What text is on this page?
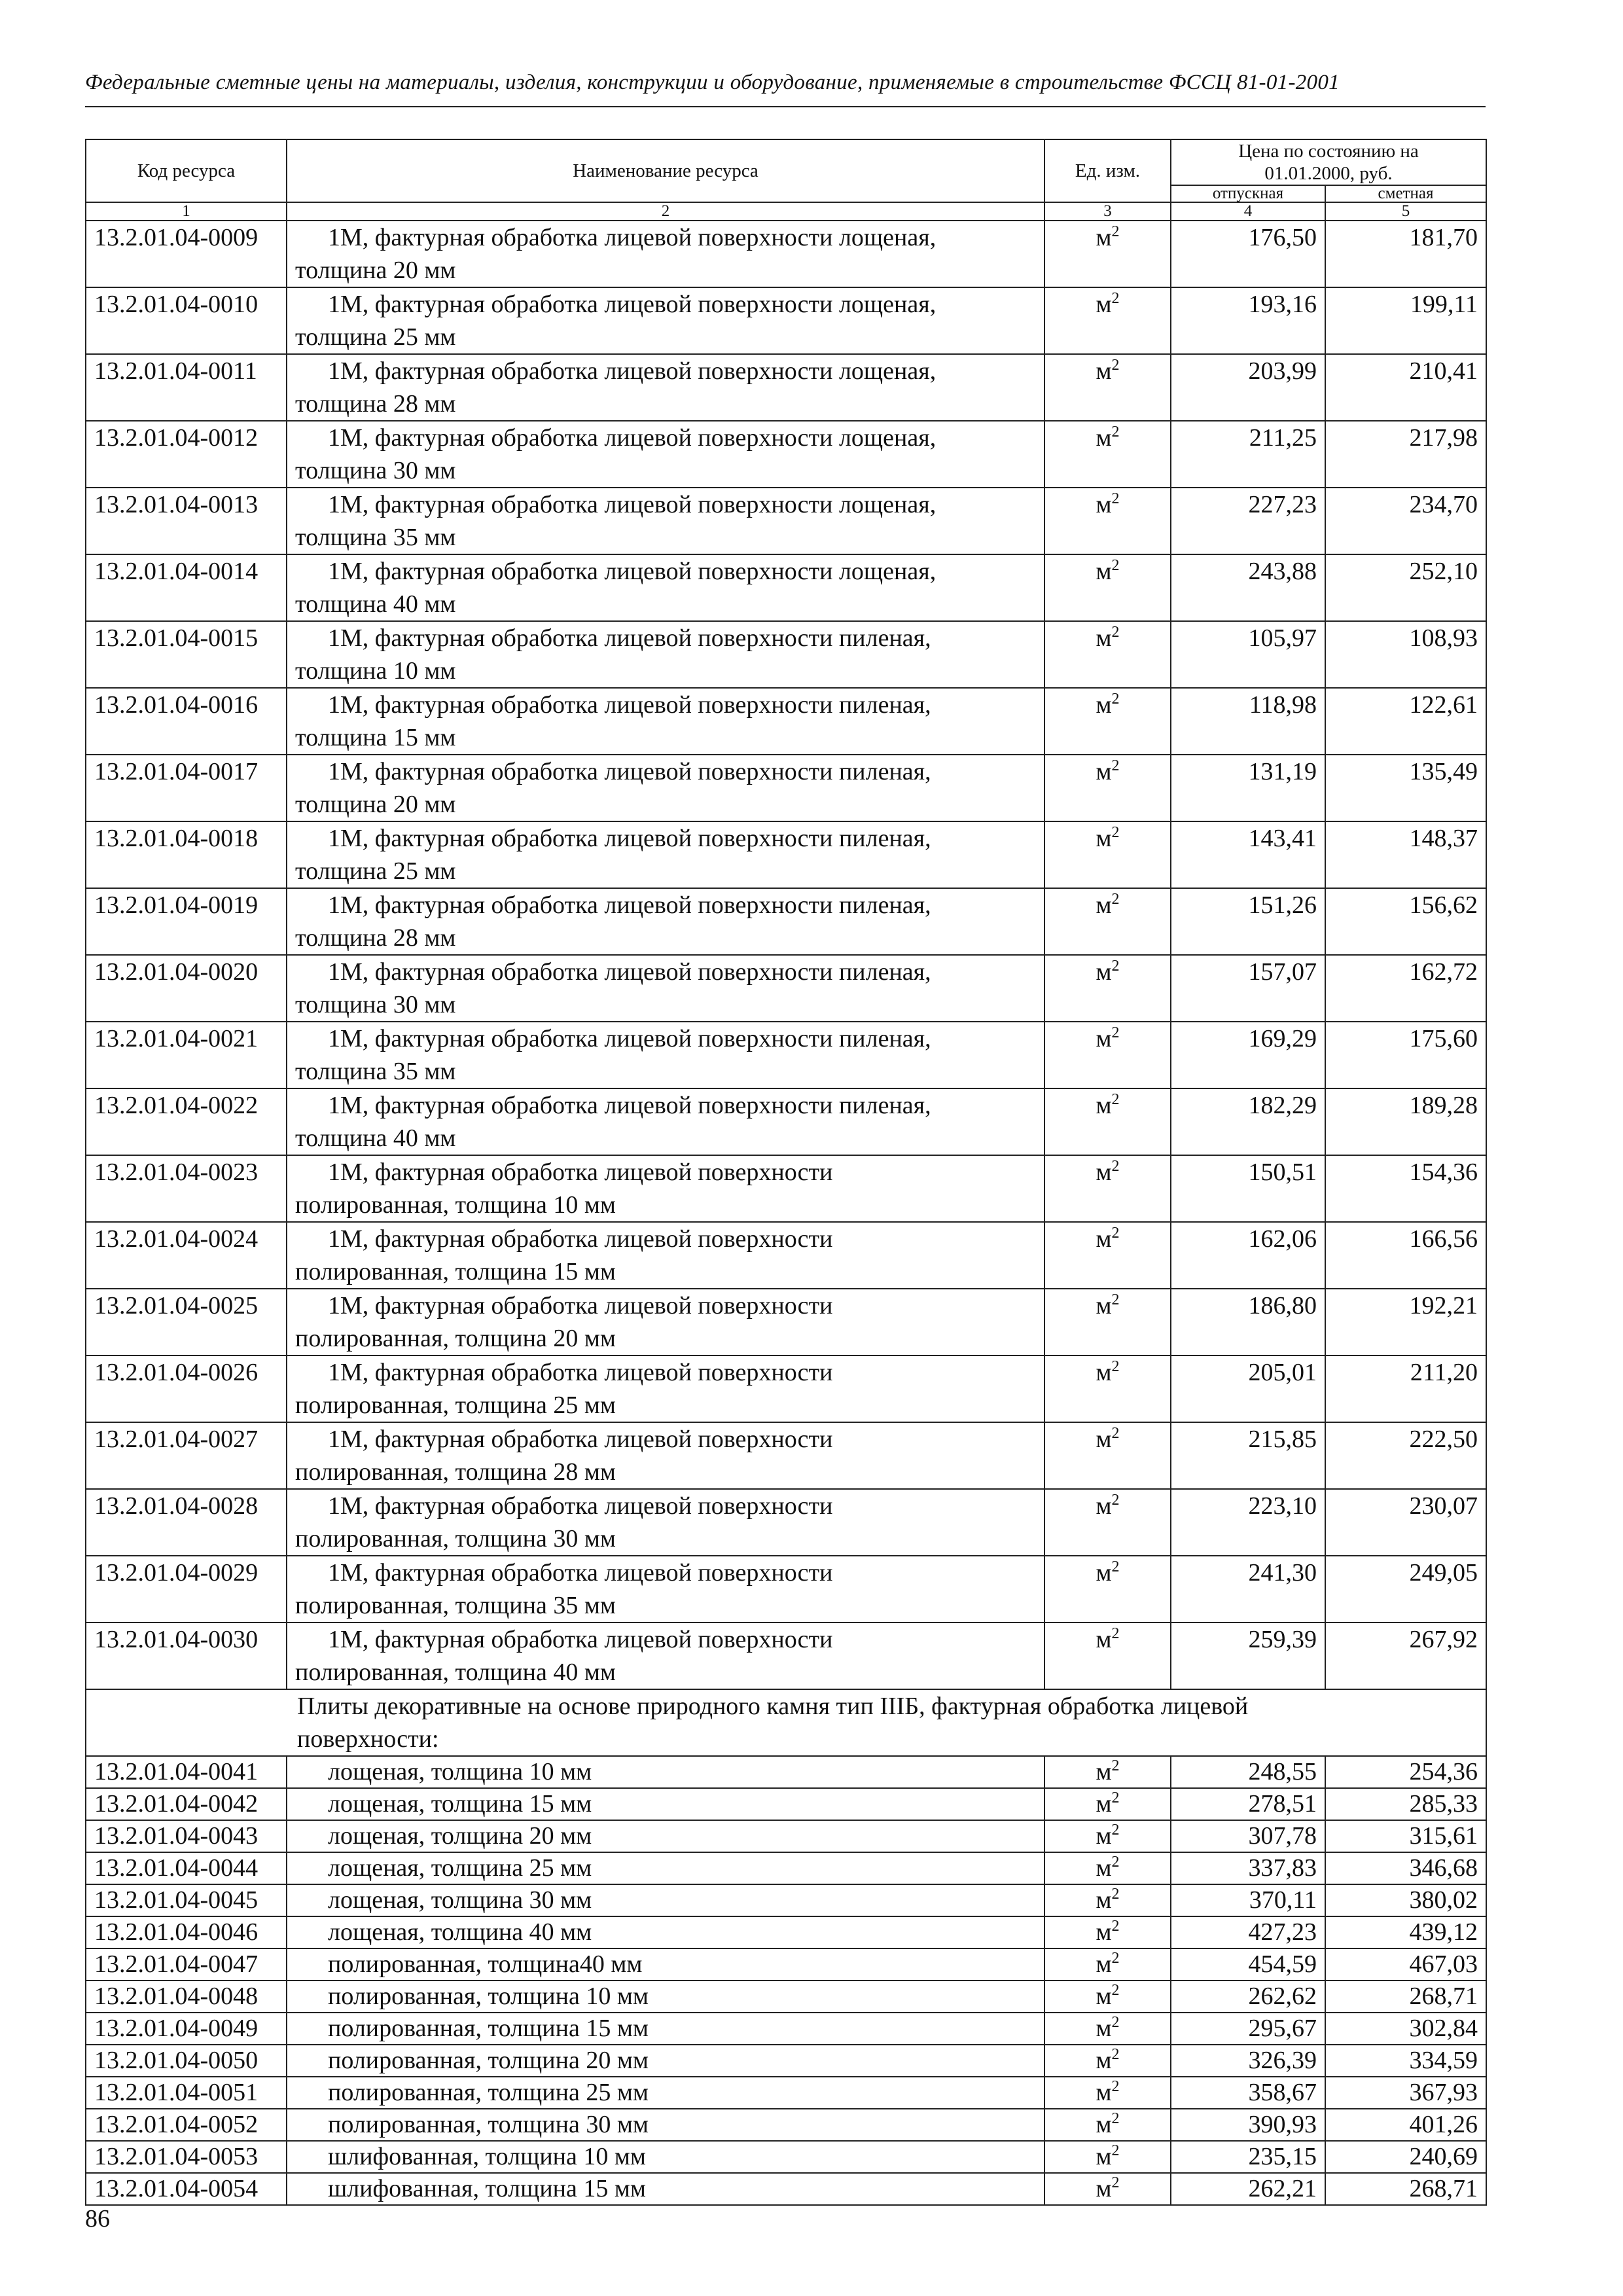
Федеральные сметные цены на материалы, изделия, конструкции и оборудование, применяемые в строительстве ФССЦ 81-01-2001
Код ресурса	Наименование ресурса	Ед. изм.	Цена по состоянию на 01.01.2000, руб.	
			отпускная	сметная
1	2	3	4	5
13.2.01.04-0009	1М, фактурная обработка лицевой поверхности лощеная,
толщина 20 мм	$м^2$	176,50	181,70
13.2.01.04-0010	1М, фактурная обработка лицевой поверхности лощеная,
толщина 25 мм	$м^2$	193,16	199,11
13.2.01.04-0011	1М, фактурная обработка лицевой поверхности лощеная,
толщина 28 мм	$м^2$	203,99	210,41
13.2.01.04-0012	1М, фактурная обработка лицевой поверхности лощеная,
толщина 30 мм	$м^2$	211,25	217,98
13.2.01.04-0013	1М, фактурная обработка лицевой поверхности лощеная,
толщина 35 мм	$м^2$	227,23	234,70
13.2.01.04-0014	1М, фактурная обработка лицевой поверхности лощеная,
толщина 40 мм	$м^2$	243,88	252,10
13.2.01.04-0015	1М, фактурная обработка лицевой поверхности пиленая,
толщина 10 мм	$м^2$	105,97	108,93
13.2.01.04-0016	1М, фактурная обработка лицевой поверхности пиленая,
толщина 15 мм	$м^2$	118,98	122,61
13.2.01.04-0017	1М, фактурная обработка лицевой поверхности пиленая,
толщина 20 мм	$м^2$	131,19	135,49
13.2.01.04-0018	1М, фактурная обработка лицевой поверхности пиленая,
толщина 25 мм	$м^2$	143,41	148,37
13.2.01.04-0019	1М, фактурная обработка лицевой поверхности пиленая,
толщина 28 мм	$м^2$	151,26	156,62
13.2.01.04-0020	1М, фактурная обработка лицевой поверхности пиленая,
толщина 30 мм	$м^2$	157,07	162,72
13.2.01.04-0021	1М, фактурная обработка лицевой поверхности пиленая,
толщина 35 мм	$м^2$	169,29	175,60
13.2.01.04-0022	1М, фактурная обработка лицевой поверхности пиленая,
толщина 40 мм	$м^2$	182,29	189,28
13.2.01.04-0023	1М, фактурная обработка лицевой поверхности
полированная, толщина 10 мм	$м^2$	150,51	154,36
13.2.01.04-0024	1М, фактурная обработка лицевой поверхности
полированная, толщина 15 мм	$м^2$	162,06	166,56
13.2.01.04-0025	1М, фактурная обработка лицевой поверхности
полированная, толщина 20 мм	$м^2$	186,80	192,21
13.2.01.04-0026	1М, фактурная обработка лицевой поверхности
полированная, толщина 25 мм	$м^2$	205,01	211,20
13.2.01.04-0027	1М, фактурная обработка лицевой поверхности
полированная, толщина 28 мм	$м^2$	215,85	222,50
13.2.01.04-0028	1М, фактурная обработка лицевой поверхности
полированная, толщина 30 мм	$м^2$	223,10	230,07
13.2.01.04-0029	1М, фактурная обработка лицевой поверхности
полированная, толщина 35 мм	$м^2$	241,30	249,05
13.2.01.04-0030	1М, фактурная обработка лицевой поверхности
полированная, толщина 40 мм	$м^2$	259,39	267,92

Плиты декоративные на основе природного камня тип IIIБ, фактурная обработка лицевой
поверхности:				

13.2.01.04-0041	лощеная, толщина 10 мм	$м^2$	248,55	254,36
13.2.01.04-0042	лощеная, толщина 15 мм	$м^2$	278,51	285,33
13.2.01.04-0043	лощеная, толщина 20 мм	$м^2$	307,78	315,61
13.2.01.04-0044	лощеная, толщина 25 мм	$м^2$	337,83	346,68
13.2.01.04-0045	лощеная, толщина 30 мм	$м^2$	370,11	380,02
13.2.01.04-0046	лощеная, толщина 40 мм	$м^2$	427,23	439,12
13.2.01.04-0047	полированная, толщина40 мм	$м^2$	454,59	467,03
13.2.01.04-0048	полированная, толщина 10 мм	$м^2$	262,62	268,71
13.2.01.04-0049	полированная, толщина 15 мм	$м^2$	295,67	302,84
13.2.01.04-0050	полированная, толщина 20 мм	$м^2$	326,39	334,59
13.2.01.04-0051	полированная, толщина 25 мм	$м^2$	358,67	367,93
13.2.01.04-0052	полированная, толщина 30 мм	$м^2$	390,93	401,26
13.2.01.04-0053	шлифованная, толщина 10 мм	$м^2$	235,15	240,69
13.2.01.04-0054	шлифованная, толщина 15 мм	$м^2$	262,21	268,71
86
